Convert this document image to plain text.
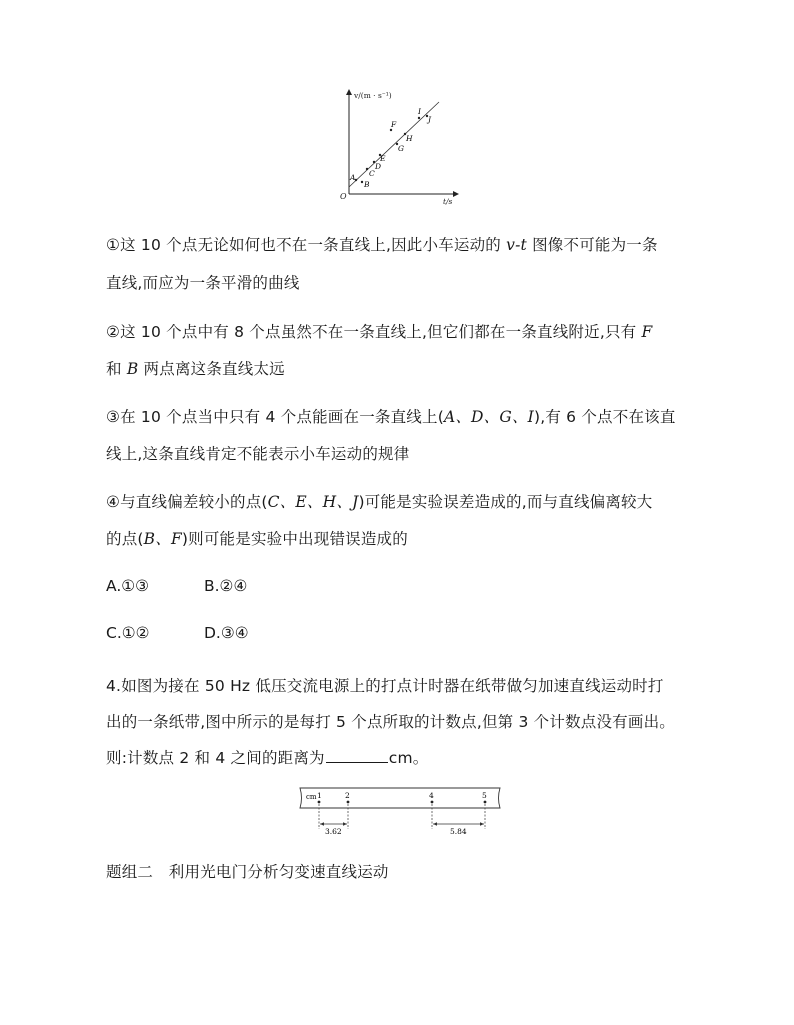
v/(m · s⁻¹)
t/s
O
A
B
C
D
E
F
G
H
I
J
①这 10 个点无论如何也不在一条直线上,因此小车运动的 v-t 图像不可能为一条
直线,而应为一条平滑的曲线
②这 10 个点中有 8 个点虽然不在一条直线上,但它们都在一条直线附近,只有 F
和 B 两点离这条直线太远
③在 10 个点当中只有 4 个点能画在一条直线上(A、D、G、I),有 6 个点不在该直
线上,这条直线肯定不能表示小车运动的规律
④与直线偏差较小的点(C、E、H、J)可能是实验误差造成的,而与直线偏离较大
的点(B、F)则可能是实验中出现错误造成的
A.①③	B.②④
C.①②	D.③④
4.如图为接在 50 Hz 低压交流电源上的打点计时器在纸带做匀加速直线运动时打
出的一条纸带,图中所示的是每打 5 个点所取的计数点,但第 3 个计数点没有画出。
则:计数点 2 和 4 之间的距离为	cm。
cm 1	2	4	5
3.62	5.84
题组二　利用光电门分析匀变速直线运动
